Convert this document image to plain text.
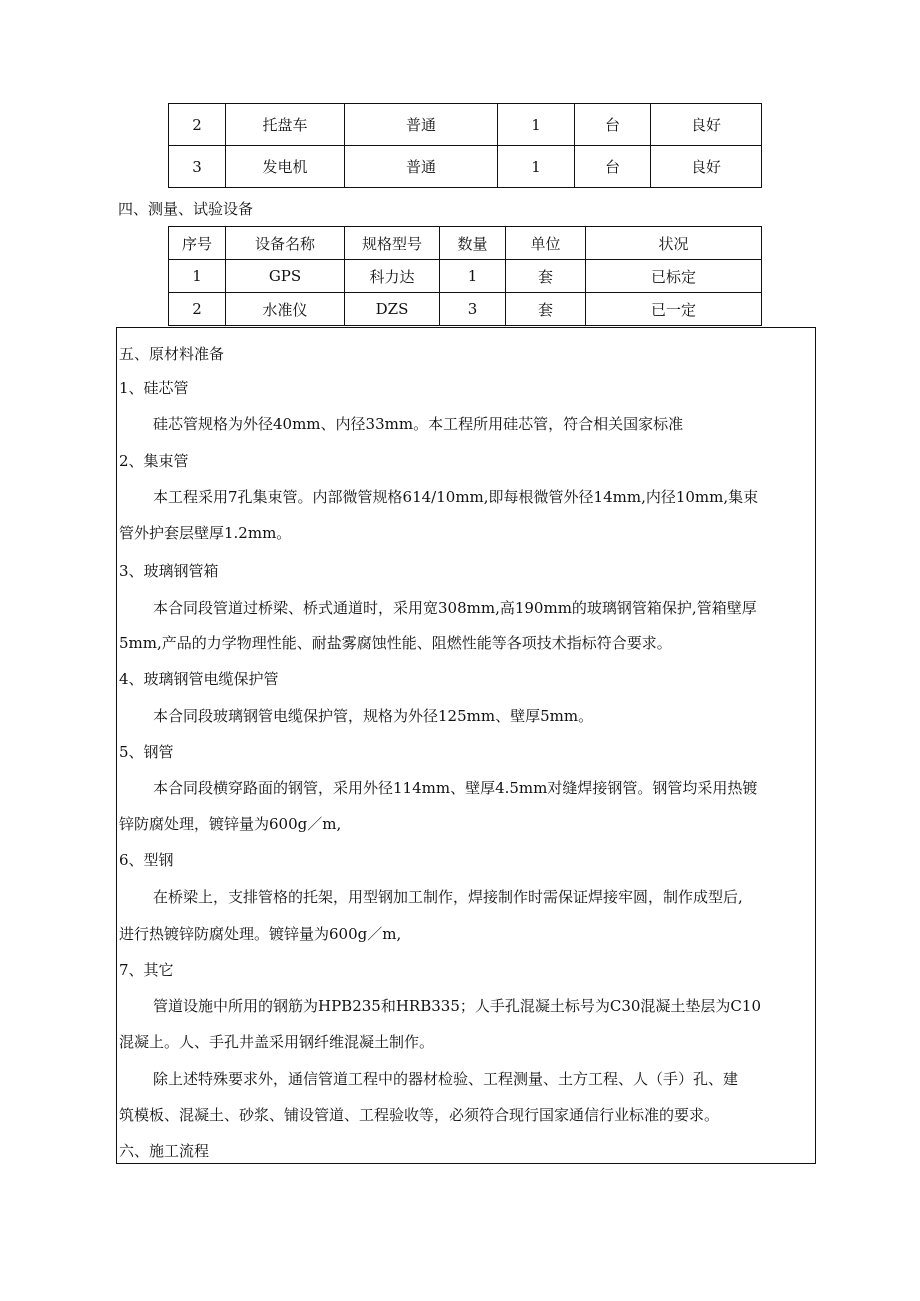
2	托盘车	普通	1	台	良好
3	发电机	普通	1	台	良好
四、测量、试验设备
序号	设备名称	规格型号	数量	单位	状况
1	GPS	科力达	1	套	已标定
2	水准仪	DZS	3	套	已一定
五、原材料准备
1、硅芯管
硅芯管规格为外径40mm、内径33mm。本工程所用硅芯管，符合相关国家标准
2、集束管
本工程采用7孔集束管。内部微管规格614/10mm,即每根微管外径14mm,内径10mm,集束
管外护套层壁厚1.2mm。
3、玻璃钢管箱
本合同段管道过桥梁、桥式通道时，采用宽308mm,高190mm的玻璃钢管箱保护,管箱壁厚
5mm,产品的力学物理性能、耐盐雾腐蚀性能、阻燃性能等各项技术指标符合要求。
4、玻璃钢管电缆保护管
本合同段玻璃钢管电缆保护管，规格为外径125mm、壁厚5mm。
5、钢管
本合同段横穿路面的钢管，采用外径114mm、壁厚4.5mm对缝焊接钢管。钢管均采用热镀
锌防腐处理，镀锌量为600g／m,
6、型钢
在桥梁上，支排管格的托架，用型钢加工制作，焊接制作时需保证焊接牢圆，制作成型后,
进行热镀锌防腐处理。镀锌量为600g／m,
7、其它
管道设施中所用的钢筋为HPB235和HRB335；人手孔混凝土标号为C30混凝土垫层为C10
混凝上。人、手孔井盖采用钢纤维混凝土制作。
除上述特殊要求外，通信管道工程中的器材检验、工程测量、土方工程、人（手）孔、建
筑模板、混凝土、砂浆、铺设管道、工程验收等，必须符合现行国家通信行业标准的要求。
六、施工流程
